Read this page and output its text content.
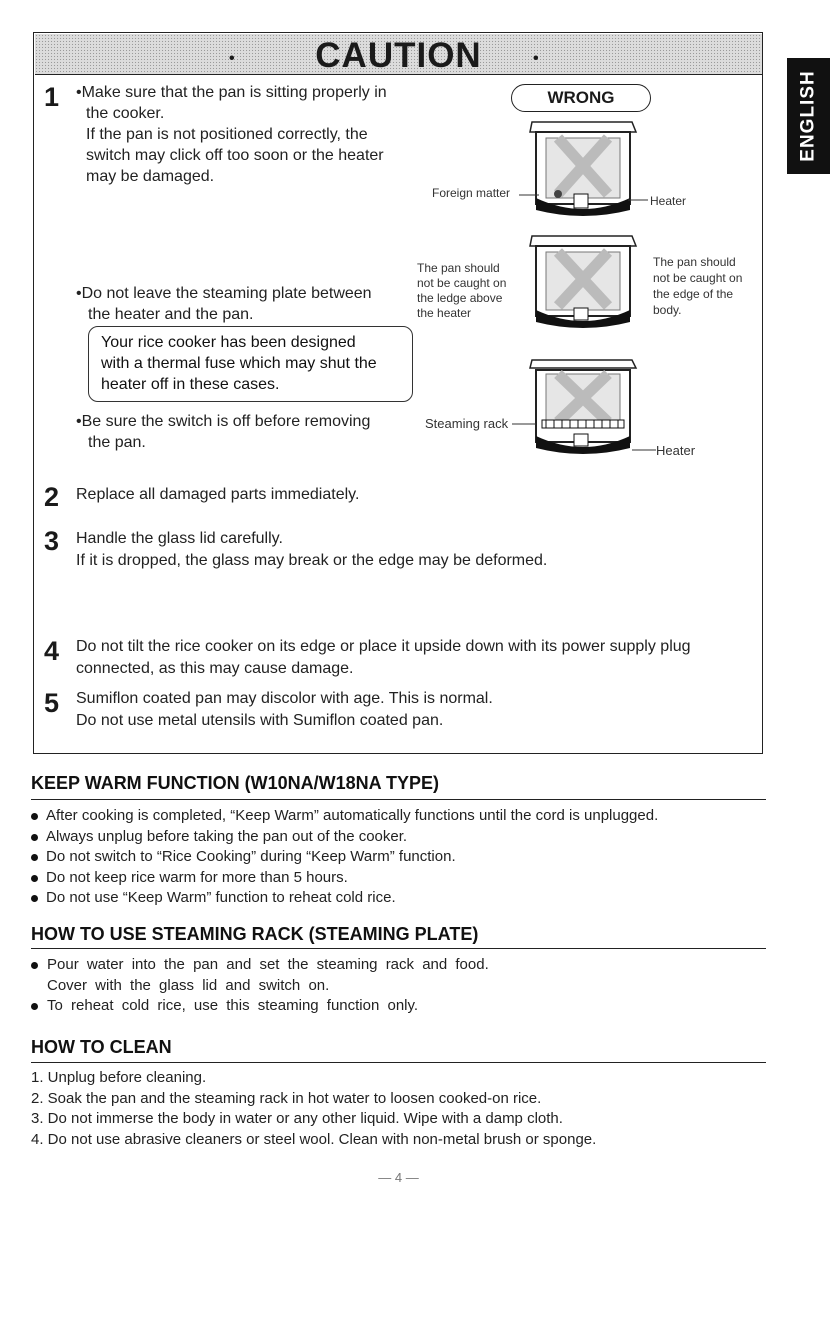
ENGLISH
CAUTION
•	•
1 •Make sure that the pan is sitting properly in
the cooker.
If the pan is not positioned correctly, the
switch may click off too soon or the heater
may be damaged.
•Do not leave the steaming plate between
the heater and the pan.
Your rice cooker has been designed
with a thermal fuse which may shut the
heater off in these cases.
•Be sure the switch is off before removing
the pan.
WRONG
Foreign matter
Heater
The pan should
not be caught on
the ledge above
the heater
The pan should
not be caught on
the edge of the
body.
Steaming rack
Heater
2 Replace all damaged parts immediately.
3 Handle the glass lid carefully.
If it is dropped, the glass may break or the edge may be deformed.
4 Do not tilt the rice cooker on its edge or place it upside down with its power supply plug
connected, as this may cause damage.
5 Sumiflon coated pan may discolor with age. This is normal.
Do not use metal utensils with Sumiflon coated pan.
KEEP WARM FUNCTION (W10NA/W18NA TYPE)
After cooking is completed, “Keep Warm” automatically functions until the cord is unplugged.
Always unplug before taking the pan out of the cooker.
Do not switch to “Rice Cooking” during “Keep Warm” function.
Do not keep rice warm for more than 5 hours.
Do not use “Keep Warm” function to reheat cold rice.
HOW TO USE STEAMING RACK (STEAMING PLATE)
Pour water into the pan and set the steaming rack and food.
Cover with the glass lid and switch on.
To reheat cold rice, use this steaming function only.
HOW TO CLEAN
1. Unplug before cleaning.
2. Soak the pan and the steaming rack in hot water to loosen cooked-on rice.
3. Do not immerse the body in water or any other liquid. Wipe with a damp cloth.
4. Do not use abrasive cleaners or steel wool. Clean with non-metal brush or sponge.
— 4 —
